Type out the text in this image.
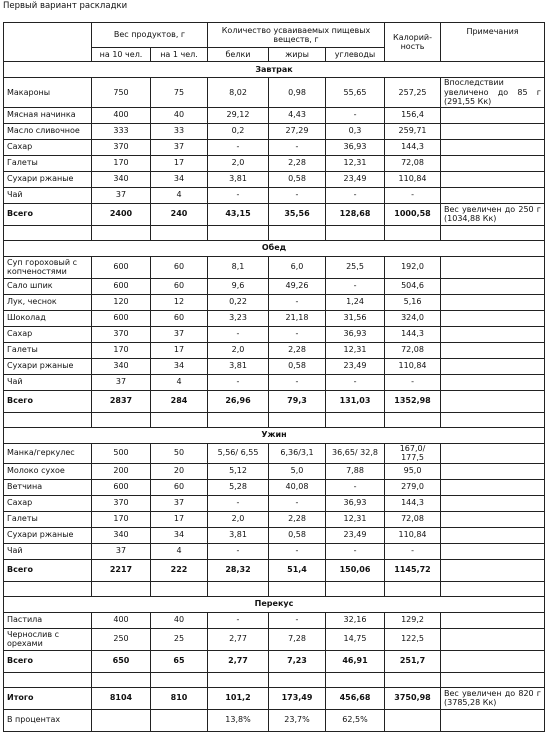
Первый вариант раскладки
	Вес продуктов, г		Количество усваиваемых пищевых веществ, г			Калорий-ность	Примечания
	на 10 чел.	на 1 чел.	белки	жиры	углеводы		
Завтрак							
Макароны	750	75	8,02	0,98	55,65	257,25	Впоследствии увеличено до 85 г (291,55 Кк)
Мясная начинка	400	40	29,12	4,43	-	156,4	
Масло сливочное	333	33	0,2	27,29	0,3	259,71	
Сахар	370	37	-	-	36,93	144,3	
Галеты	170	17	2,0	2,28	12,31	72,08	
Сухари ржаные	340	34	3,81	0,58	23,49	110,84	
Чай	37	4	-	-	-	-	
Всего	2400	240	43,15	35,56	128,68	1000,58	Вес увеличен до 250 г (1034,88 Кк)

Обед							
Суп гороховый с копченостями	600	60	8,1	6,0	25,5	192,0	
Сало шпик	600	60	9,6	49,26	-	504,6	
Лук, чеснок	120	12	0,22	-	1,24	5,16	
Шоколад	600	60	3,23	21,18	31,56	324,0	
Сахар	370	37	-	-	36,93	144,3	
Галеты	170	17	2,0	2,28	12,31	72,08	
Сухари ржаные	340	34	3,81	0,58	23,49	110,84	
Чай	37	4	-	-	-	-	
Всего	2837	284	26,96	79,3	131,03	1352,98	

Ужин							
Манка/геркулес	500	50	5,56/ 6,55	6,36/3,1	36,65/ 32,8	167,0/ 177,5	
Молоко сухое	200	20	5,12	5,0	7,88	95,0	
Ветчина	600	60	5,28	40,08	-	279,0	
Сахар	370	37	-	-	36,93	144,3	
Галеты	170	17	2,0	2,28	12,31	72,08	
Сухари ржаные	340	34	3,81	0,58	23,49	110,84	
Чай	37	4	-	-	-	-	
Всего	2217	222	28,32	51,4	150,06	1145,72	

Перекус							
Пастила	400	40	-	-	32,16	129,2	
Чернослив с орехами	250	25	2,77	7,28	14,75	122,5	
Всего	650	65	2,77	7,23	46,91	251,7	

Итого	8104	810	101,2	173,49	456,68	3750,98	Вес увеличен до 820 г (3785,28 Кк)
В процентах			13,8%	23,7%	62,5%		
